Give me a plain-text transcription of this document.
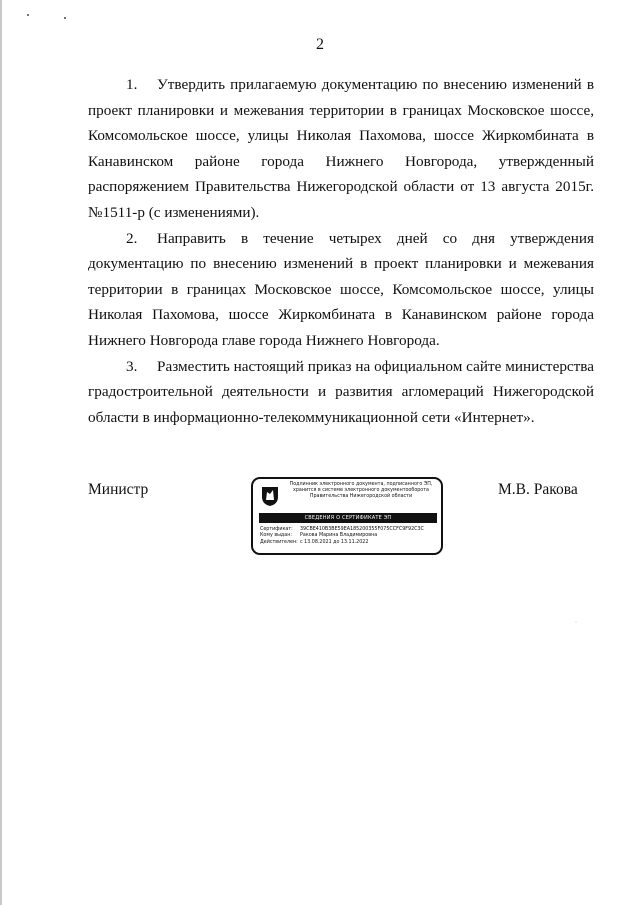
2

1. Утвердить прилагаемую документацию по внесению изменений в проект планировки и межевания территории в границах Московское шоссе, Комсомольское шоссе, улицы Николая Пахомова, шоссе Жиркомбината в Канавинском районе города Нижнего Новгорода, утвержденный распоряжением Правительства Нижегородской области от 13 августа 2015г.№1511-р (с изменениями).

2. Направить в течение четырех дней со дня утверждения документацию по внесению изменений в проект планировки и межевания территории в границах Московское шоссе, Комсомольское шоссе, улицы Николая Пахомова, шоссе Жиркомбината в Канавинском районе города Нижнего Новгорода главе города Нижнего Новгорода.

3. Разместить настоящий приказ на официальном сайте министерства градостроительной деятельности и развития агломераций Нижегородской области в информационно-телекоммуникационной сети «Интернет».

Министр	М.В. Ракова
Подлинник электронного документа, подписанного ЭП, хранится в системе электронного документооборота Правительства Нижегородской области
СВЕДЕНИЯ О СЕРТИФИКАТЕ ЭП
Сертификат: 39CBE410B3BE59EA185200355F075CCFC9F92C3C
Кому выдан: Ракова Марина Владимировна
Действителен: с 13.08.2021 до 13.11.2022
·
